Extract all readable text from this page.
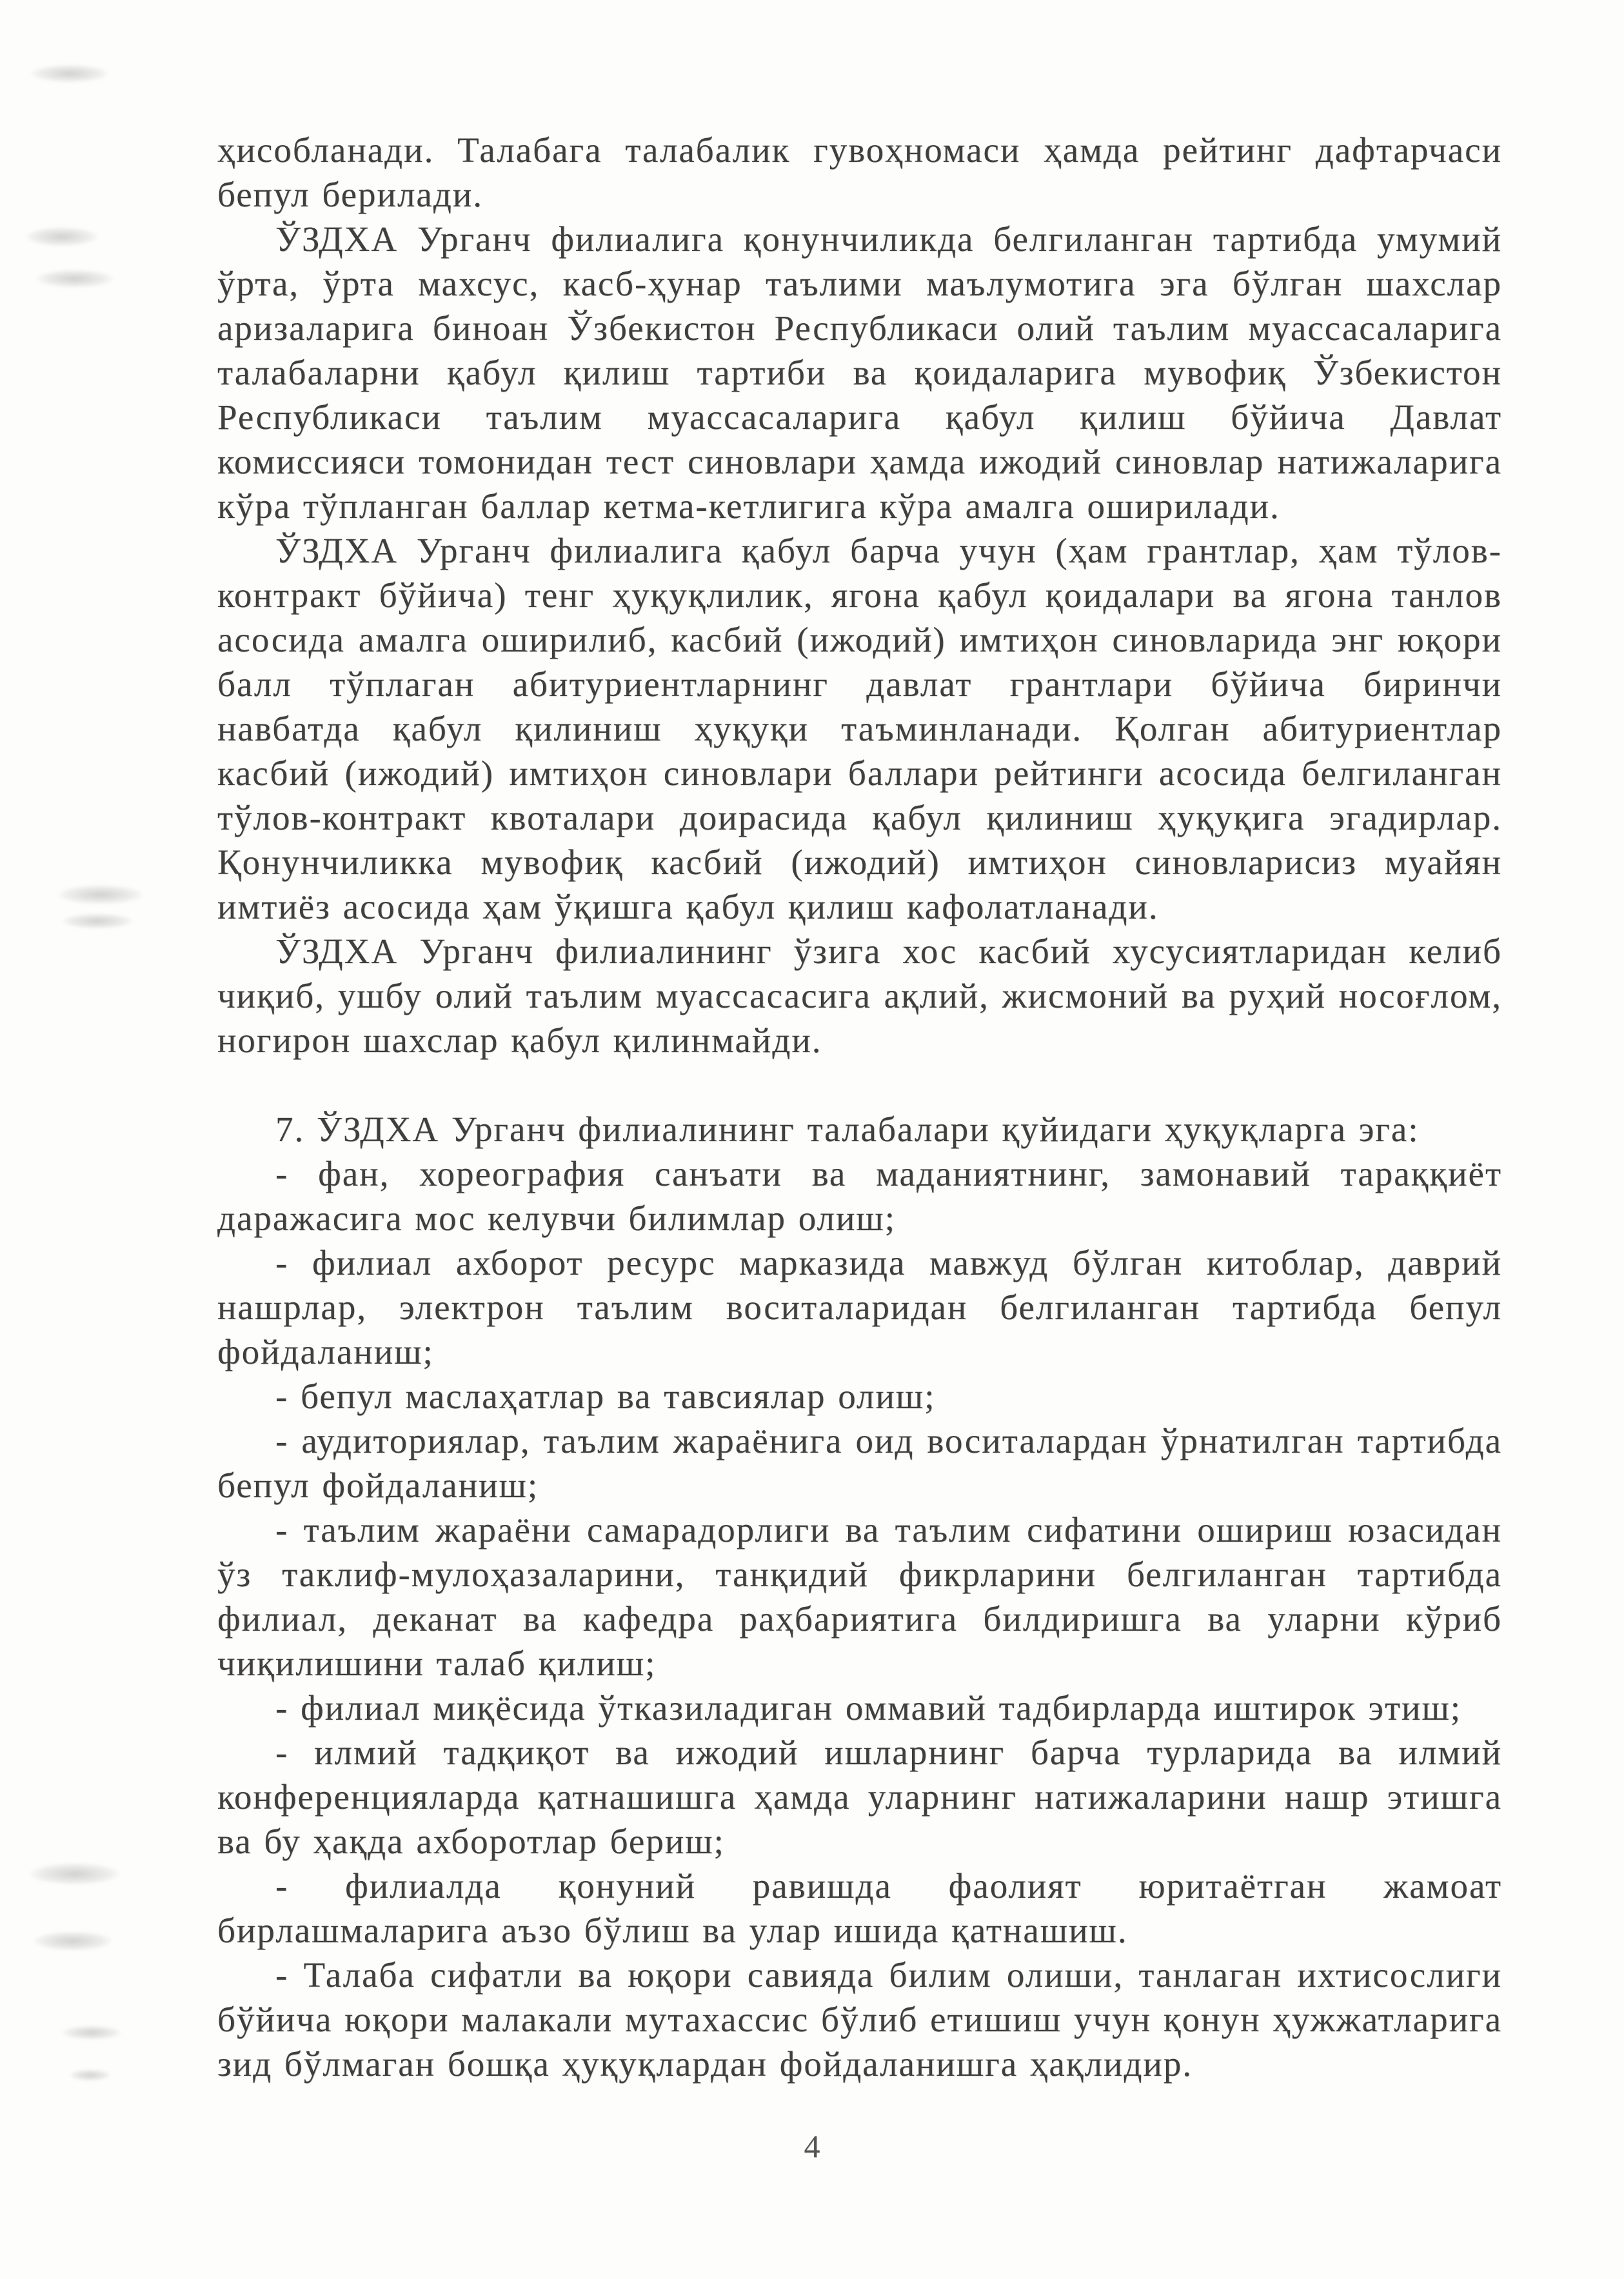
ҳисобланади. Талабага талабалик гувоҳномаси ҳамда рейтинг дафтарчаси бепул берилади.

ЎЗДХА Урганч филиалига қонунчиликда белгиланган тартибда умумий ўрта, ўрта махсус, касб-ҳунар таълими маълумотига эга бўлган шахслар аризаларига биноан Ўзбекистон Республикаси олий таълим муассасаларига талабаларни қабул қилиш тартиби ва қоидаларига мувофиқ Ўзбекистон Республикаси таълим муассасаларига қабул қилиш бўйича Давлат комиссияси томонидан тест синовлари ҳамда ижодий синовлар натижаларига кўра тўпланган баллар кетма-кетлигига кўра амалга оширилади.

ЎЗДХА Урганч филиалига қабул барча учун (ҳам грантлар, ҳам тўлов-контракт бўйича) тенг ҳуқуқлилик, ягона қабул қоидалари ва ягона танлов асосида амалга оширилиб, касбий (ижодий) имтиҳон синовларида энг юқори балл тўплаган абитуриентларнинг давлат грантлари бўйича биринчи навбатда қабул қилиниш ҳуқуқи таъминланади. Қолган абитуриентлар касбий (ижодий) имтиҳон синовлари баллари рейтинги асосида белгиланган тўлов-контракт квоталари доирасида қабул қилиниш ҳуқуқига эгадирлар. Қонунчиликка мувофиқ касбий (ижодий) имтиҳон синовларисиз муайян имтиёз асосида ҳам ўқишга қабул қилиш кафолатланади.

ЎЗДХА Урганч филиалининг ўзига хос касбий хусусиятларидан келиб чиқиб, ушбу олий таълим муассасасига ақлий, жисмоний ва руҳий носоғлом, ногирон шахслар қабул қилинмайди.

7. ЎЗДХА Урганч филиалининг талабалари қуйидаги ҳуқуқларга эга:

- фан, хореография санъати ва маданиятнинг, замонавий тараққиёт даражасига мос келувчи билимлар олиш;

- филиал ахборот ресурс марказида мавжуд бўлган китоблар, даврий нашрлар, электрон таълим воситаларидан белгиланган тартибда бепул фойдаланиш;

- бепул маслаҳатлар ва тавсиялар олиш;

- аудиториялар, таълим жараёнига оид воситалардан ўрнатилган тартибда бепул фойдаланиш;

- таълим жараёни самарадорлиги ва таълим сифатини ошириш юзасидан ўз таклиф-мулоҳазаларини, танқидий фикрларини белгиланган тартибда филиал, деканат ва кафедра раҳбариятига билдиришга ва уларни кўриб чиқилишини талаб қилиш;

- филиал миқёсида ўтказиладиган оммавий тадбирларда иштирок этиш;

- илмий тадқиқот ва ижодий ишларнинг барча турларида ва илмий конференцияларда қатнашишга ҳамда уларнинг натижаларини нашр этишга ва бу ҳақда ахборотлар бериш;

- филиалда қонуний равишда фаолият юритаётган жамоат бирлашмаларига аъзо бўлиш ва улар ишида қатнашиш.

- Талаба сифатли ва юқори савияда билим олиши, танлаган ихтисослиги бўйича юқори малакали мутахассис бўлиб етишиш учун қонун ҳужжатларига зид бўлмаган бошқа ҳуқуқлардан фойдаланишга ҳақлидир.

4
